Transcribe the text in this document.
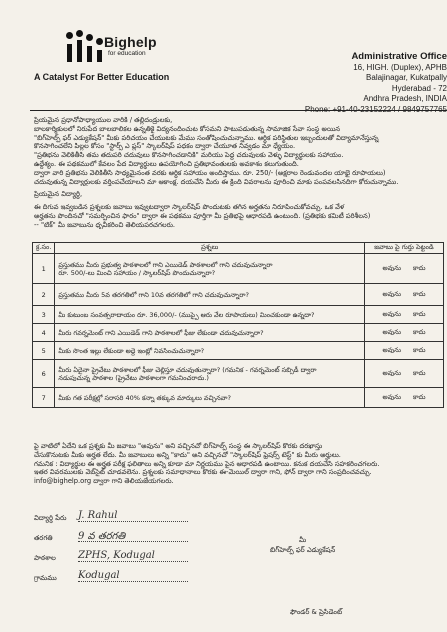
Bighelp
for education
A Catalyst For Better Education
Administrative Office
16, HIGH. (Duplex), APHB
Balajinagar, Kukatpally
Hyderabad - 72
Andhra Pradesh, INDIA
Phone: +91-40-23152224 / 9849757765
ప్రియమైన ప్రధానోపాధ్యాయుల వారికి / తల్లిదండ్రులకు,
బాలకార్మికులలో నిరుపేద బాలబాలికల ఉన్నతికై విద్యనందించుట కోసమని పాటుపడుతున్న సామాజిక సేవా సంస్థ అయిన
"బిగ్‌హెల్ప్ ఫర్ ఎడ్యుకేషన్" మీకు పరిచయం చేయుటకు మేము సంతోషించుచున్నాము. ఆర్థిక పరిస్థితుల ఇబ్బందులతో విద్యామానేస్తున్న
కొనసాగించలేని పిల్లల కోసం "స్టార్స్ ఎ ప్లస్" స్కాలర్‌షిప్ పధకం ద్వారా చేయూత నివ్వడం మా ధ్యేయం.
"ప్రతిభను వెలికితీసి తమ తదుపరి చదువులు కొనసాగించడానికి" మరియు పెద్ద చదువులకు వెళ్ళు విద్యార్థులకు సహాయం.
ఉద్దేశ్యం. ఈ పథకములో కేవలం పేద విద్యార్థులు ఉపయోగించి ప్రతిభావంతులకు అవకాశం కలుగుతుంది.
ద్వారా వారి ప్రతిభను వెలికితీసి సాధ్యమైనంత వరకు ఆర్థిక సహాయం అందిస్తాము. రూ. 250/- (అక్షరాల రెండువందల యాభై రూపాయలు)
చదువుతున్న విద్యార్థులకు వర్తింపచేయాలని మా ఆకాంక్ష. దయచేసి మీరు ఈ క్రింది వివరాలను పూరించి మాకు పంపవలసినదిగా కోరుచున్నాము.
ప్రియమైన విద్యార్థి,
ఈ దిగువ ఇవ్వబడిన ప్రశ్నలకు జవాబు ఇవ్వుటద్వారా స్కాలర్‌షిప్ పొందుటకు తగిన అర్హతను నిరూపించుకోవచ్చు. ఒక వేళ
అర్హతను పొందినచో "సమర్పించిన ఫారం" ద్వారా ఈ పథకము పూర్తిగా మీ ప్రతిభపై ఆధారపడి ఉంటుంది. (ప్రతిభకు కమిటీ పరిశీలన)
-- "టిక్" మీ జవాబును ధృవీకరించి తెలియపరచగలరు.
క్ర.సం.	ప్రశ్నలు	జవాబు పై గుర్తు పెట్టండి
1	ప్రస్తుతము మీరు ప్రభుత్వ పాఠశాలలో గాని ఎయిడెడ్ పాఠశాలలో గాని చదువుచున్నారా
రూ. 500/-లు మించి సహాయం / స్కాలర్‌షిప్ పొందుచున్నారా?	అవును కాదు
2	ప్రస్తుతము మీరు 5వ తరగతిలో గాని 10వ తరగతిలో గాని చదువుచున్నారా?	అవును కాదు
3	మీ కుటుంబ సంవత్సరాదాయం రూ. 36,000/- (ముప్పై ఆరు వేల రూపాయలు) మించకుండా ఉన్నదా?	అవును కాదు
4	మీరు గవర్నమెంట్ గాని ఎయిడెడ్ గాని పాఠశాలలో ఫీజు లేకుండా చదువుచున్నారా?	అవును కాదు
5	మీకు సొంత ఇల్లు లేకుండా అద్దె ఇంట్లో నివసించుచున్నారా?	అవును కాదు
6	మీరు ఏదైనా ప్రైవేటు పాఠశాలలో ఫీజు చెల్లిస్తూ చదువుతున్నారా? (గమనిక - గవర్నమెంట్ సబ్సిడీ ద్వారా
నడుపుచున్న పాఠశాల (ప్రైవేటు పాఠశాలగా గమనించరాదు.)	అవును కాదు
7	మీకు గత పరీక్షల్లో సరాసరి 40% కన్నా తక్కువ మార్కులు వచ్చినవా?	అవును కాదు
పై వాటిలో ఏదేని ఒక ప్రశ్నకు మీ జవాబు "అవును" అని వచ్చినచో బిగ్‌హెల్ప్ సంస్థ ఈ స్కాలర్‌షిప్ కొరకు దరఖాస్తు
చేసుకొనుటకు మీకు అర్హత లేదు. మీ జవాబులు అన్ని "కాదు" అని వచ్చినచో "స్కాలర్‌షిప్ ఫ్రెషర్స్ టెస్ట్" కు మీరు అర్హులు.
గమనిక : విద్యార్థుల ఈ అర్హత పరీక్ష ఫలితాలు అన్ని కూడా మా నిర్ణయము పైన ఆధారపడి ఉంటాయి. కనుక దయచేసి సహకరించగలరు.
ఇతర వివరములకు వెబ్‌సైట్ చూడవలెను. ప్రశ్నలకు సమాధానాలు కొరకు ఈ-మెయిల్ ద్వారా గాని, ఫోన్ ద్వారా గాని సంప్రదించవచ్చు.
info@bighelp.org ద్వారా గాని తెలియజేయగలరు.
విద్యార్థి పేరు J. Rahul
తరగతి	9 వ తరగతి
పాఠశాల ZPHS, Kodugal
గ్రామము Kodugal
మీ
బిగ్‌హెల్ప్ ఫర్ ఎడ్యుకేషన్
ఫౌండర్ & ప్రెసిడెంట్
